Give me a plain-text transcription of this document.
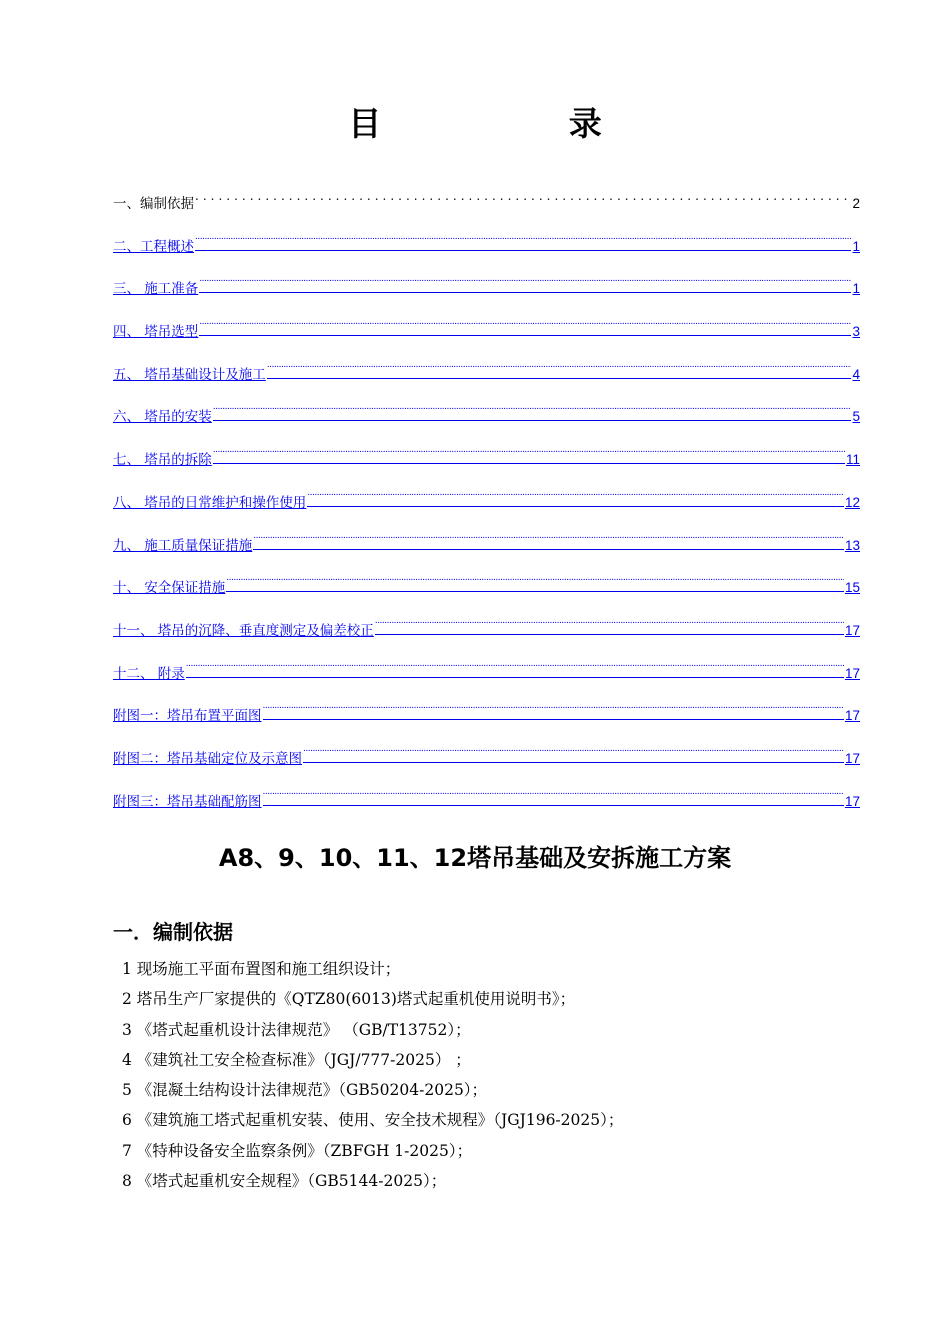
目 录
一、编制依据 .....	2
二、工程概述 .....	1
三、 施工准备 .....	1
四、 塔吊选型 .....	3
五、 塔吊基础设计及施工 .....	4
六、 塔吊的安装 .....	5
七、 塔吊的拆除 .....	11
八、 塔吊的日常维护和操作使用 .....	12
九、 施工质量保证措施 .....	13
十、 安全保证措施 .....	15
十一、 塔吊的沉降、垂直度测定及偏差校正 .....	17
十二、 附录 .....	17
附图一：塔吊布置平面图 .....	17
附图二：塔吊基础定位及示意图 .....	17
附图三：塔吊基础配筋图 .....	17
A8、9、10、11、12塔吊基础及安拆施工方案
一．编制依据
1 现场施工平面布置图和施工组织设计；
2 塔吊生产厂家提供的《QTZ80(6013)塔式起重机使用说明书》；
3 《塔式起重机设计法律规范》 （GB/T13752）；
4 《建筑社工安全检查标准》（JGJ/777-2025） ；
5 《混凝土结构设计法律规范》（GB50204-2025）；
6 《建筑施工塔式起重机安装、使用、安全技术规程》（JGJ196-2025）；
7 《特种设备安全监察条例》（ZBFGH 1-2025）；
8 《塔式起重机安全规程》（GB5144-2025）；
